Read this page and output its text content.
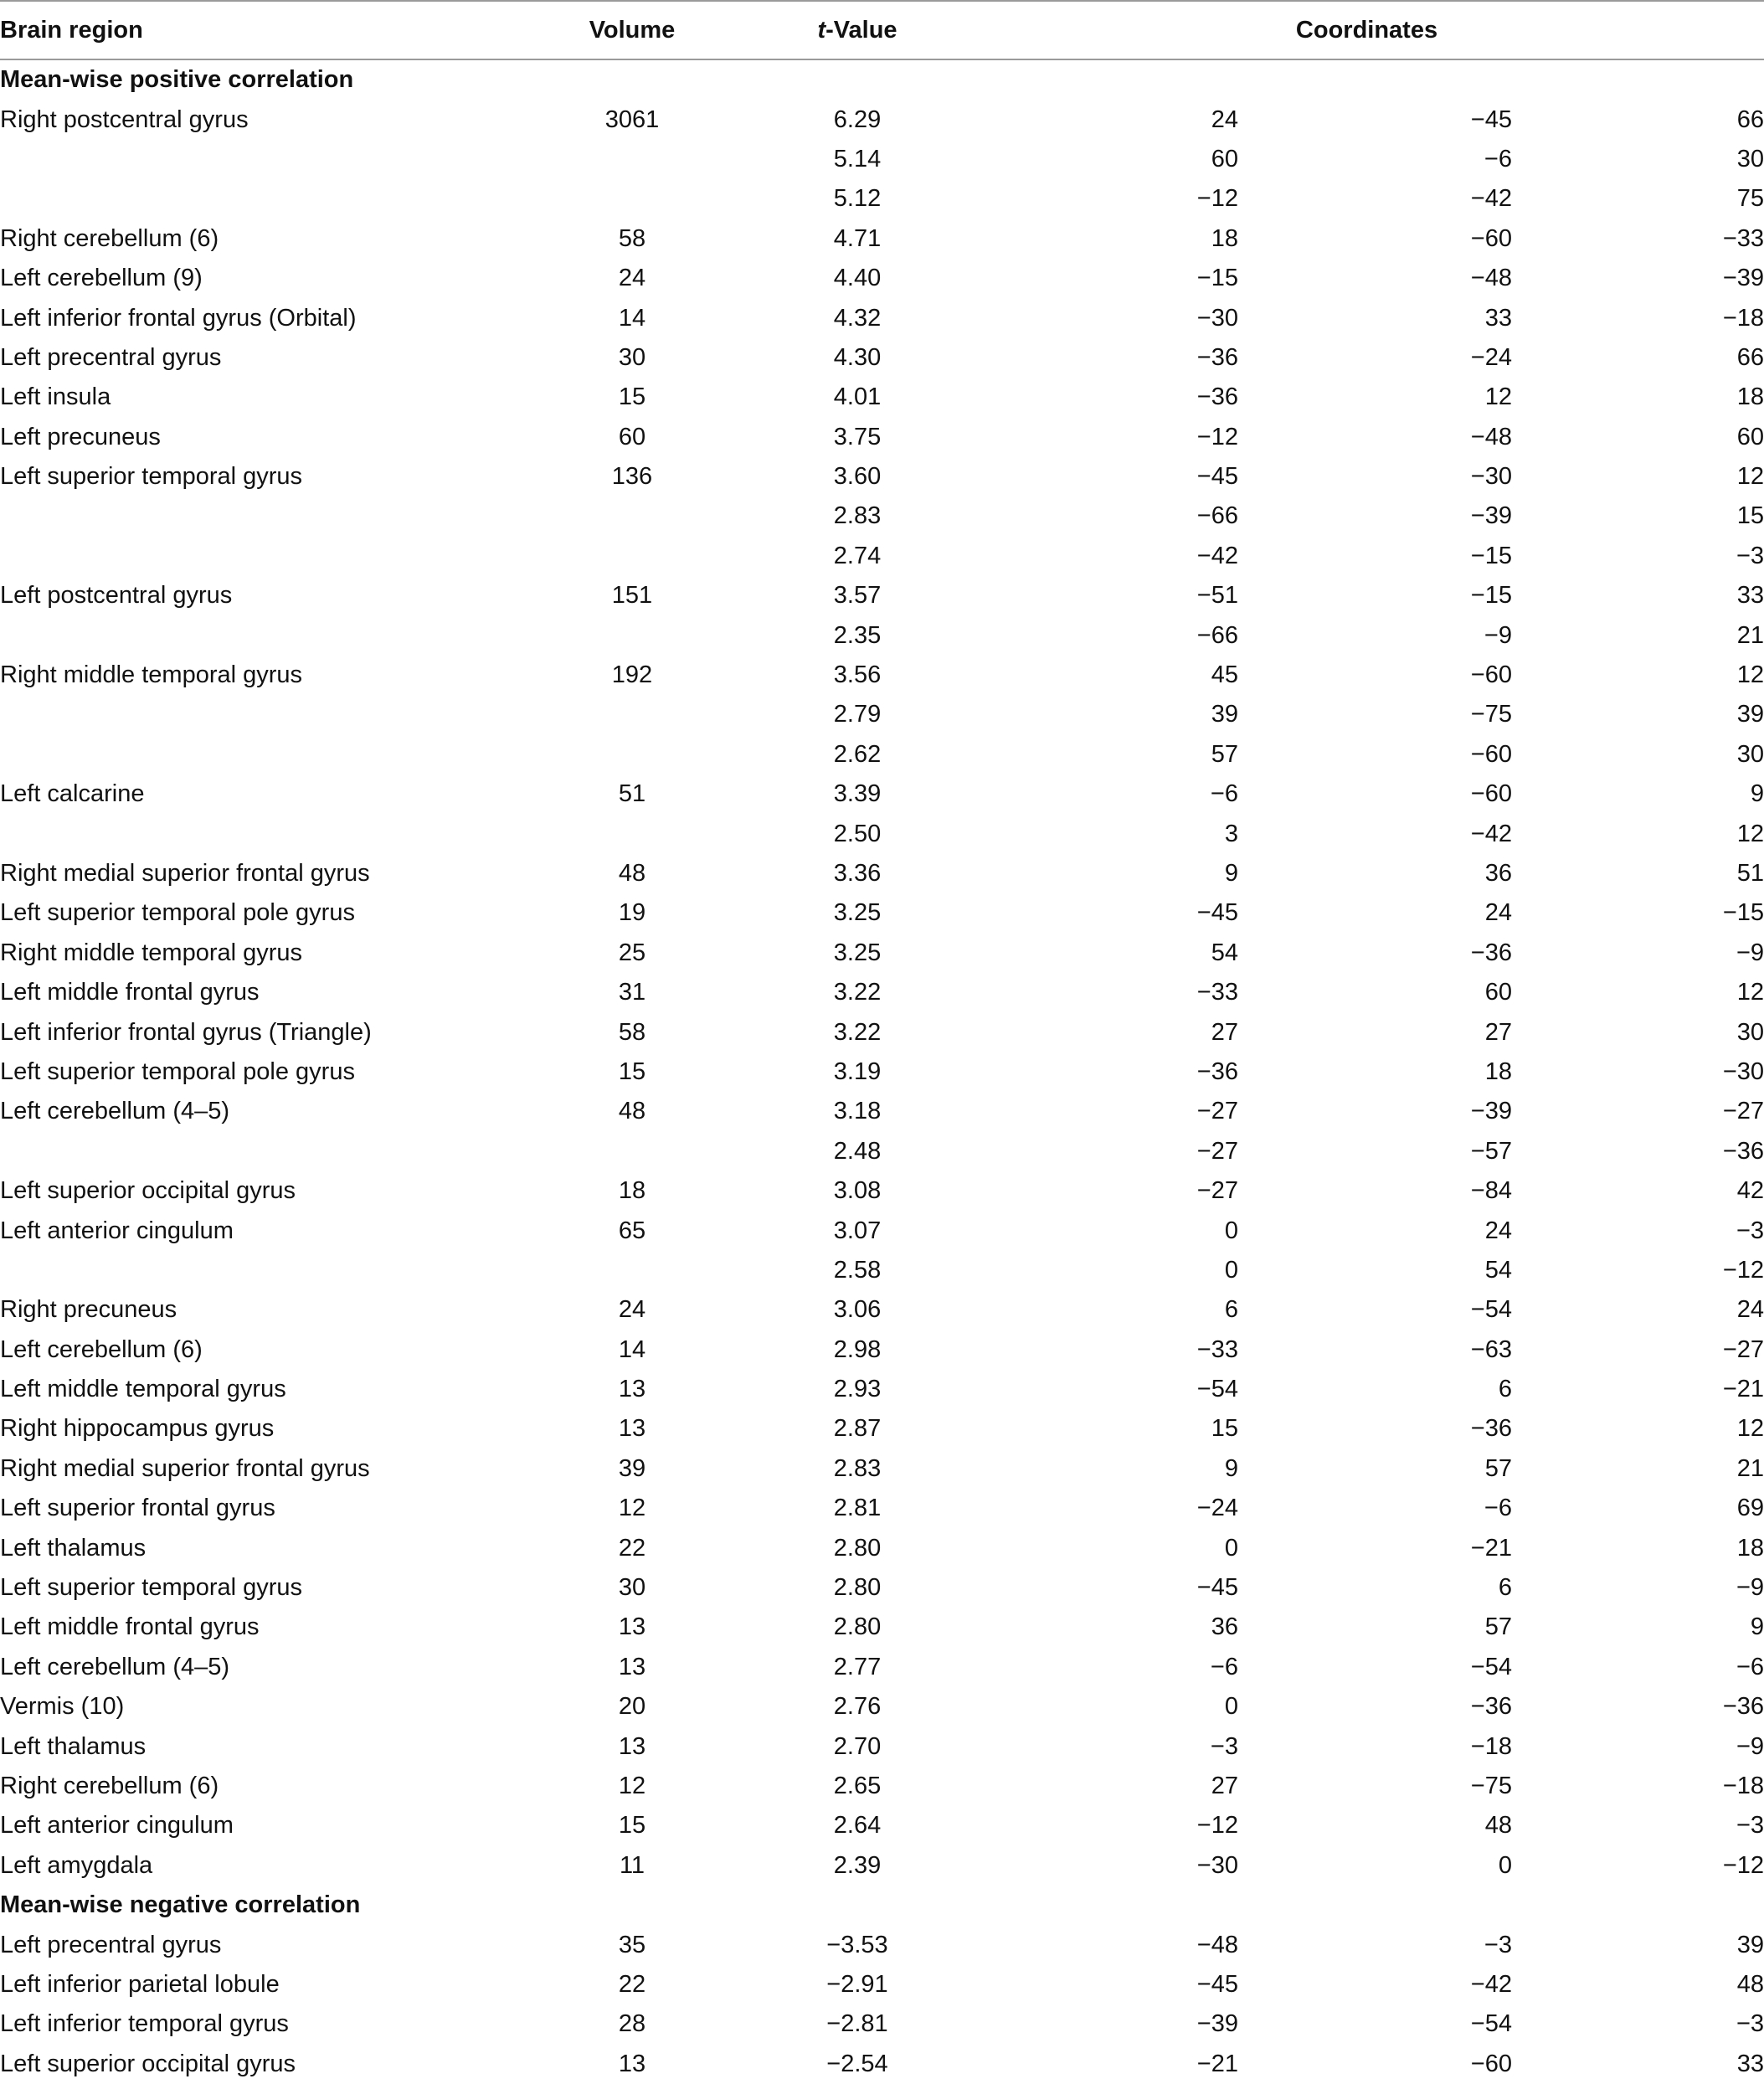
Brain region	Volume	t-Value	Coordinates		
Mean-wise positive correlation					
Right postcentral gyrus	3061	6.29	24	−45	66
		5.14	60	−6	30
		5.12	−12	−42	75
Right cerebellum (6)	58	4.71	18	−60	−33
Left cerebellum (9)	24	4.40	−15	−48	−39
Left inferior frontal gyrus (Orbital)	14	4.32	−30	33	−18
Left precentral gyrus	30	4.30	−36	−24	66
Left insula	15	4.01	−36	12	18
Left precuneus	60	3.75	−12	−48	60
Left superior temporal gyrus	136	3.60	−45	−30	12
		2.83	−66	−39	15
		2.74	−42	−15	−3
Left postcentral gyrus	151	3.57	−51	−15	33
		2.35	−66	−9	21
Right middle temporal gyrus	192	3.56	45	−60	12
		2.79	39	−75	39
		2.62	57	−60	30
Left calcarine	51	3.39	−6	−60	9
		2.50	3	−42	12
Right medial superior frontal gyrus	48	3.36	9	36	51
Left superior temporal pole gyrus	19	3.25	−45	24	−15
Right middle temporal gyrus	25	3.25	54	−36	−9
Left middle frontal gyrus	31	3.22	−33	60	12
Left inferior frontal gyrus (Triangle)	58	3.22	27	27	30
Left superior temporal pole gyrus	15	3.19	−36	18	−30
Left cerebellum (4–5)	48	3.18	−27	−39	−27
		2.48	−27	−57	−36
Left superior occipital gyrus	18	3.08	−27	−84	42
Left anterior cingulum	65	3.07	0	24	−3
		2.58	0	54	−12
Right precuneus	24	3.06	6	−54	24
Left cerebellum (6)	14	2.98	−33	−63	−27
Left middle temporal gyrus	13	2.93	−54	6	−21
Right hippocampus gyrus	13	2.87	15	−36	12
Right medial superior frontal gyrus	39	2.83	9	57	21
Left superior frontal gyrus	12	2.81	−24	−6	69
Left thalamus	22	2.80	0	−21	18
Left superior temporal gyrus	30	2.80	−45	6	−9
Left middle frontal gyrus	13	2.80	36	57	9
Left cerebellum (4–5)	13	2.77	−6	−54	−6
Vermis (10)	20	2.76	0	−36	−36
Left thalamus	13	2.70	−3	−18	−9
Right cerebellum (6)	12	2.65	27	−75	−18
Left anterior cingulum	15	2.64	−12	48	−3
Left amygdala	11	2.39	−30	0	−12
Mean-wise negative correlation					
Left precentral gyrus	35	−3.53	−48	−3	39
Left inferior parietal lobule	22	−2.91	−45	−42	48
Left inferior temporal gyrus	28	−2.81	−39	−54	−3
Left superior occipital gyrus	13	−2.54	−21	−60	33
